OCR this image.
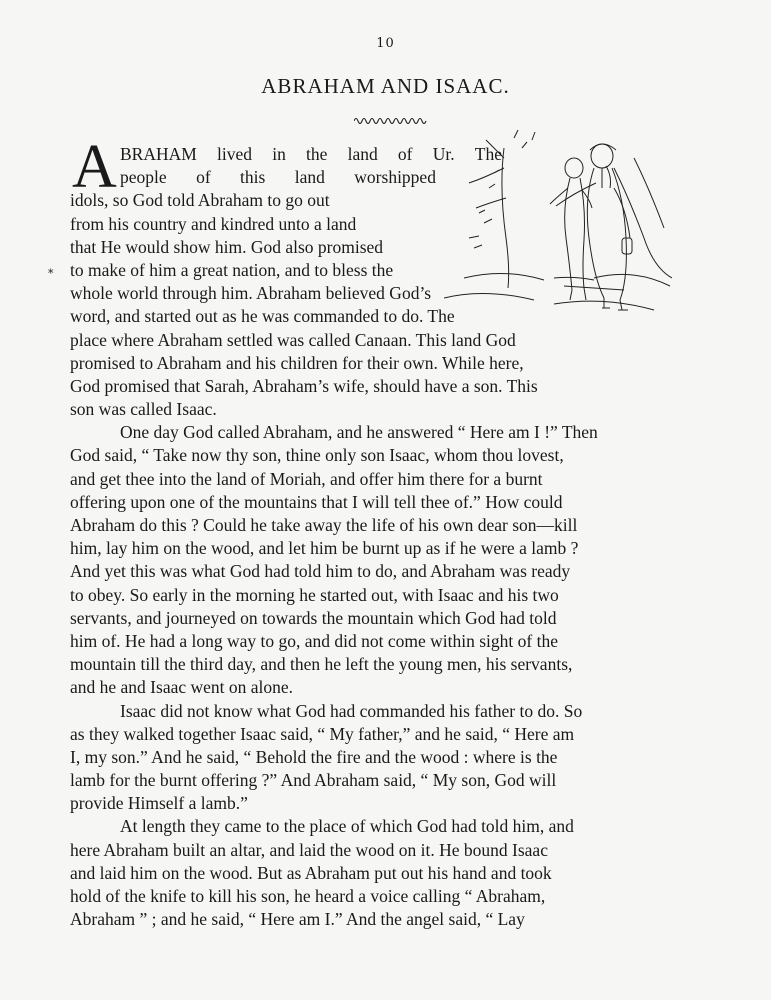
10
ABRAHAM AND ISAAC.
A
*
BRAHAM lived in the land of Ur. The
people of this land worshipped
idols, so God told Abraham to go out
from his country and kindred unto a land
that He would show him. God also promised
to make of him a great nation, and to bless the
whole world through him. Abraham believed God’s
word, and started out as he was commanded to do. The
place where Abraham settled was called Canaan. This land God
promised to Abraham and his children for their own. While here,
God promised that Sarah, Abraham’s wife, should have a son. This
son was called Isaac.
One day God called Abraham, and he answered “ Here am I !” Then
God said, “ Take now thy son, thine only son Isaac, whom thou lovest,
and get thee into the land of Moriah, and offer him there for a burnt
offering upon one of the mountains that I will tell thee of.” How could
Abraham do this ? Could he take away the life of his own dear son—kill
him, lay him on the wood, and let him be burnt up as if he were a lamb ?
And yet this was what God had told him to do, and Abraham was ready
to obey. So early in the morning he started out, with Isaac and his two
servants, and journeyed on towards the mountain which God had told
him of. He had a long way to go, and did not come within sight of the
mountain till the third day, and then he left the young men, his servants,
and he and Isaac went on alone.
Isaac did not know what God had commanded his father to do. So
as they walked together Isaac said, “ My father,” and he said, “ Here am
I, my son.” And he said, “ Behold the fire and the wood : where is the
lamb for the burnt offering ?” And Abraham said, “ My son, God will
provide Himself a lamb.”
At length they came to the place of which God had told him, and
here Abraham built an altar, and laid the wood on it. He bound Isaac
and laid him on the wood. But as Abraham put out his hand and took
hold of the knife to kill his son, he heard a voice calling “ Abraham,
Abraham ” ; and he said, “ Here am I.” And the angel said, “ Lay
